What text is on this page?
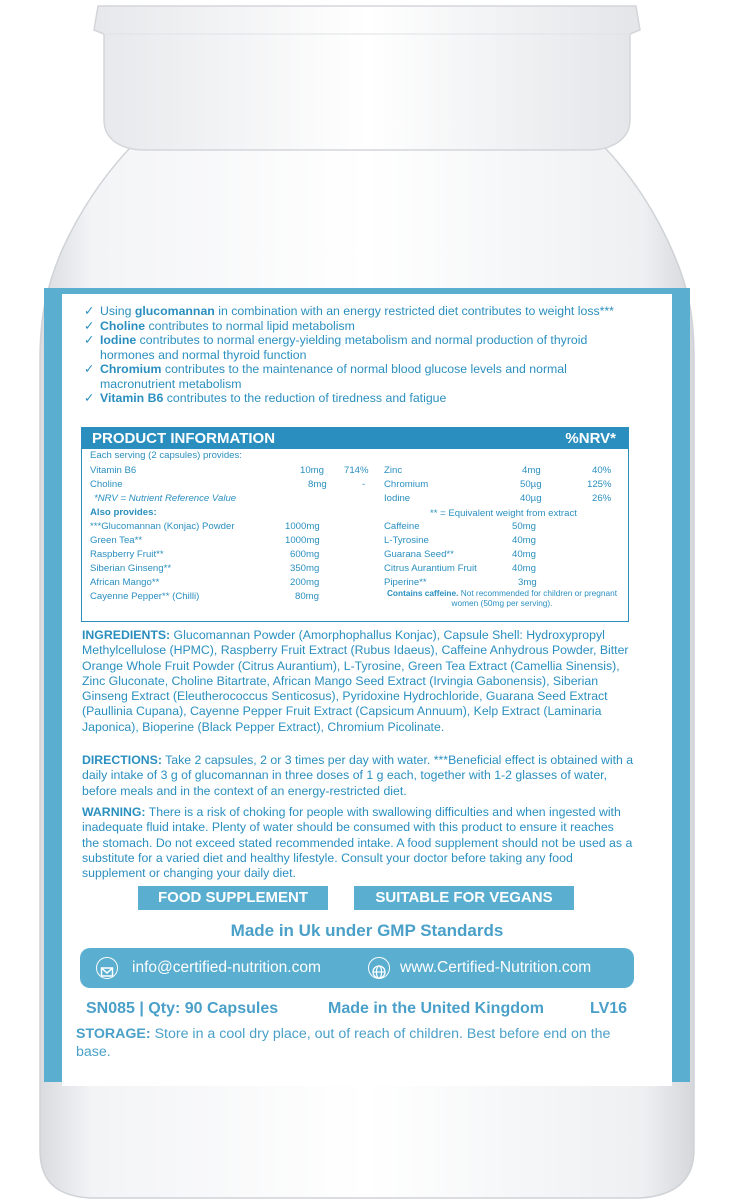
✓ Using glucomannan in combination with an energy restricted diet contributes to weight loss***
✓ Choline contributes to normal lipid metabolism
✓ Iodine contributes to normal energy-yielding metabolism and normal production of thyroid hormones and normal thyroid function
✓ Chromium contributes to the maintenance of normal blood glucose levels and normal macronutrient metabolism
✓ Vitamin B6 contributes to the reduction of tiredness and fatigue
PRODUCT INFORMATION	%NRV*
Each serving (2 capsules) provides:
Vitamin B6	10mg 714%
Choline	8mg	-
Zinc	4mg	40%
Chromium	50µg	125%
Iodine	40µg	26%
*NRV = Nutrient Reference Value
** = Equivalent weight from extract
Also provides:
***Glucomannan (Konjac) Powder	1000mg
Green Tea**	1000mg
Raspberry Fruit**	600mg
Siberian Ginseng**	350mg
African Mango**	200mg
Cayenne Pepper** (Chilli)	80mg
Caffeine	50mg
L-Tyrosine	40mg
Guarana Seed**	40mg
Citrus Aurantium Fruit	40mg
Piperine**	3mg
Contains caffeine. Not recommended for children or pregnant women (50mg per serving).
INGREDIENTS: Glucomannan Powder (Amorphophallus Konjac), Capsule Shell: Hydroxypropyl Methylcellulose (HPMC), Raspberry Fruit Extract (Rubus Idaeus), Caffeine Anhydrous Powder, Bitter Orange Whole Fruit Powder (Citrus Aurantium), L-Tyrosine, Green Tea Extract (Camellia Sinensis), Zinc Gluconate, Choline Bitartrate, African Mango Seed Extract (Irvingia Gabonensis), Siberian Ginseng Extract (Eleutherococcus Senticosus), Pyridoxine Hydrochloride, Guarana Seed Extract (Paullinia Cupana), Cayenne Pepper Fruit Extract (Capsicum Annuum), Kelp Extract (Laminaria Japonica), Bioperine (Black Pepper Extract), Chromium Picolinate.
DIRECTIONS: Take 2 capsules, 2 or 3 times per day with water. ***Beneficial effect is obtained with a daily intake of 3 g of glucomannan in three doses of 1 g each, together with 1-2 glasses of water, before meals and in the context of an energy-restricted diet.
WARNING: There is a risk of choking for people with swallowing difficulties and when ingested with inadequate fluid intake. Plenty of water should be consumed with this product to ensure it reaches the stomach. Do not exceed stated recommended intake. A food supplement should not be used as a substitute for a varied diet and healthy lifestyle. Consult your doctor before taking any food supplement or changing your daily diet.
FOOD SUPPLEMENT	SUITABLE FOR VEGANS
Made in Uk under GMP Standards
info@certified-nutrition.com	www.Certified-Nutrition.com
SN085 | Qty: 90 Capsules	Made in the United Kingdom	LV16
STORAGE: Store in a cool dry place, out of reach of children. Best before end on the base.
